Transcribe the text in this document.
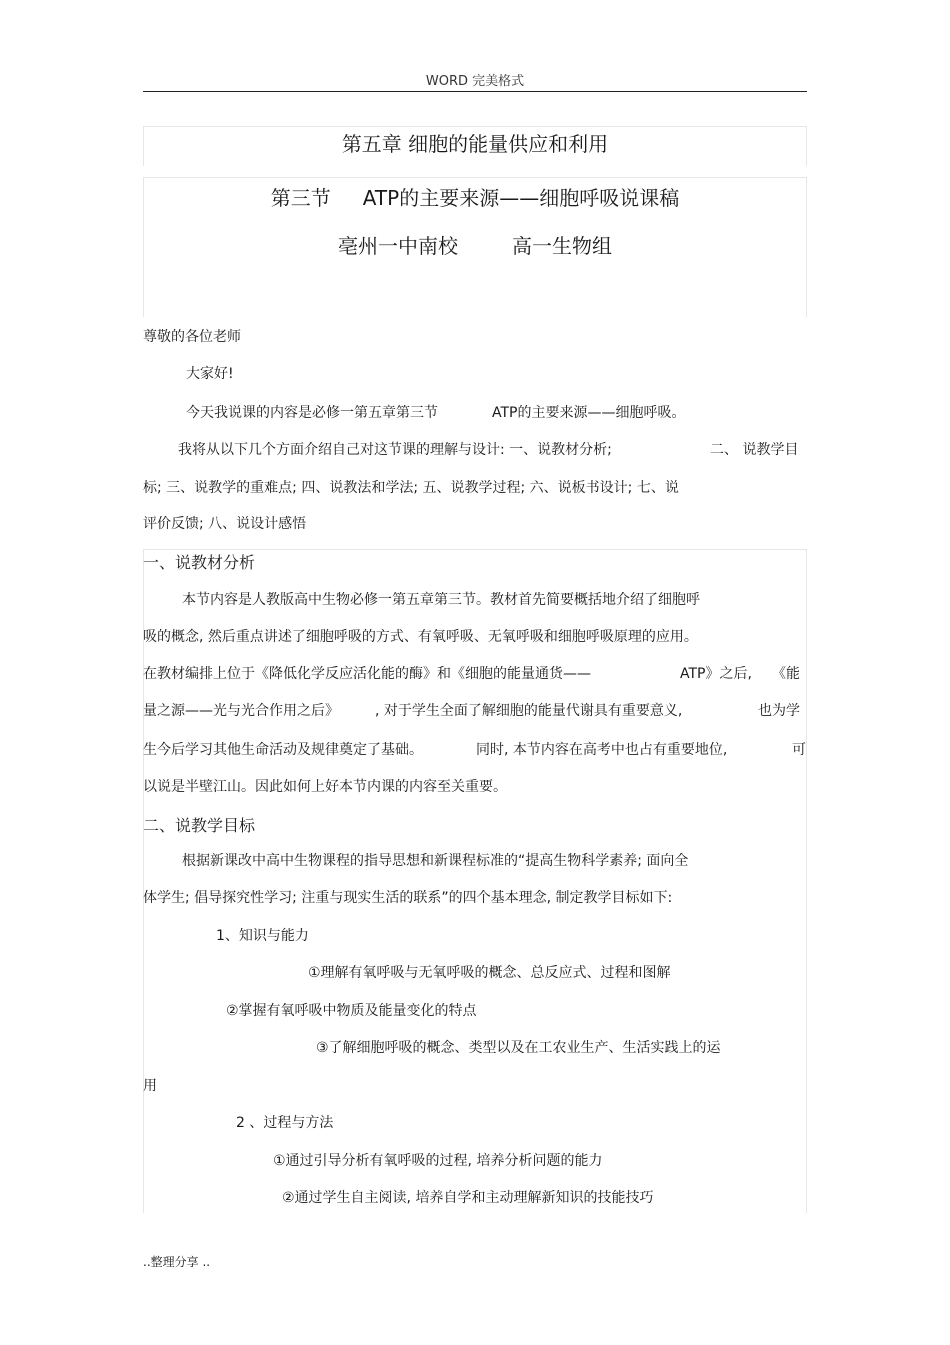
WORD 完美格式
第五章 细胞的能量供应和利用
第三节 ATP的主要来源——细胞呼吸说课稿
亳州一中南校	高一生物组
尊敬的各位老师
大家好!
今天我说课的内容是必修一第五章第三节	ATP的主要来源——细胞呼吸。
我将从以下几个方面介绍自己对这节课的理解与设计: 一、说教材分析;	二、 说教学目
标; 三、说教学的重难点; 四、说教法和学法; 五、说教学过程; 六、说板书设计; 七、说
评价反馈; 八、说设计感悟
一、说教材分析
本节内容是人教版高中生物必修一第五章第三节。教材首先简要概括地介绍了细胞呼
吸的概念, 然后重点讲述了细胞呼吸的方式、有氧呼吸、无氧呼吸和细胞呼吸原理的应用。
在教材编排上位于《降低化学反应活化能的酶》和《细胞的能量通货——	ATP》之后, 《能
量之源——光与光合作用之后》	, 对于学生全面了解细胞的能量代谢具有重要意义,	也为学
生今后学习其他生命活动及规律奠定了基础。	同时, 本节内容在高考中也占有重要地位,	可
以说是半壁江山。因此如何上好本节内课的内容至关重要。
二、说教学目标
根据新课改中高中生物课程的指导思想和新课程标准的“提高生物科学素养; 面向全
体学生; 倡导探究性学习; 注重与现实生活的联系”的四个基本理念, 制定教学目标如下:
1、知识与能力
①理解有氧呼吸与无氧呼吸的概念、总反应式、过程和图解
②掌握有氧呼吸中物质及能量变化的特点
③了解细胞呼吸的概念、类型以及在工农业生产、生活实践上的运
用
2 、过程与方法
①通过引导分析有氧呼吸的过程, 培养分析问题的能力
②通过学生自主阅读, 培养自学和主动理解新知识的技能技巧
..整理分享 ..
